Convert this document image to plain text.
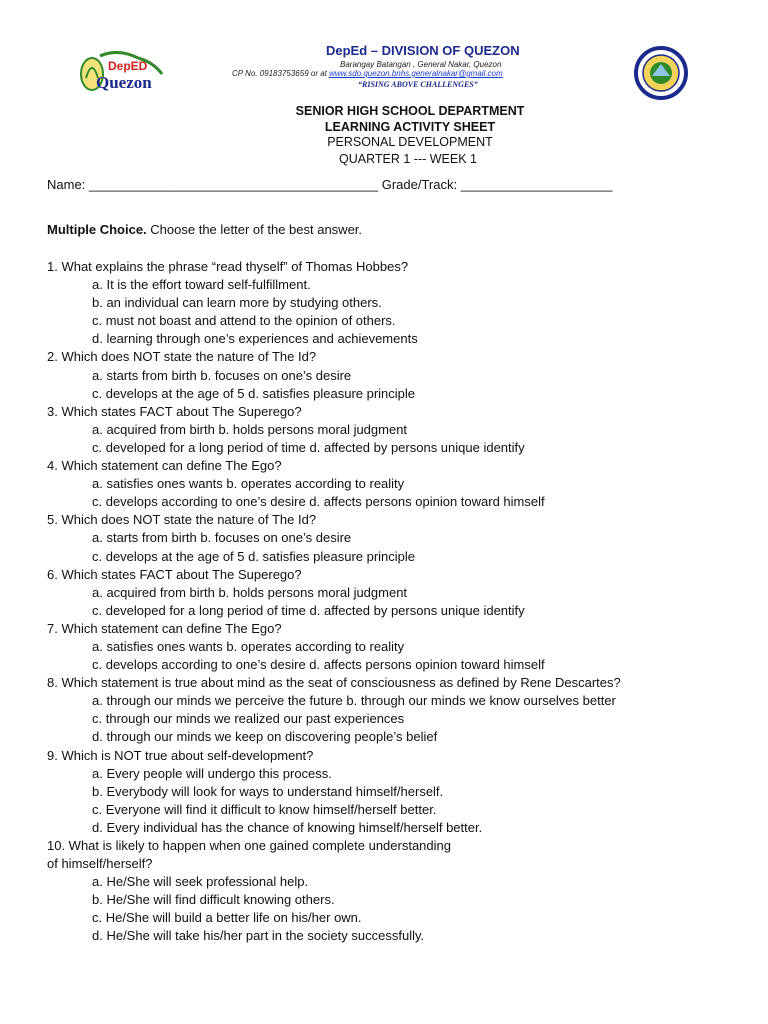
DepED
Quezon
DepEd – DIVISION OF QUEZON
Barangay Batangan , General Nakar, Quezon
CP No. 09183753659 or at www.sdo.quezon.bnhs.generalnakar@gmail.com
“RISING ABOVE CHALLENGES”
SENIOR HIGH SCHOOL DEPARTMENT
LEARNING ACTIVITY SHEET
PERSONAL DEVELOPMENT
QUARTER 1 --- WEEK 1
Name: ________________________________________ Grade/Track: _____________________
Multiple Choice. Choose the letter of the best answer.
1. What explains the phrase “read thyself” of Thomas Hobbes?
a. It is the effort toward self-fulfillment.
b. an individual can learn more by studying others.
c. must not boast and attend to the opinion of others.
d. learning through one’s experiences and achievements
2. Which does NOT state the nature of The Id?
a. starts from birth b. focuses on one’s desire
c. develops at the age of 5 d. satisfies pleasure principle
3. Which states FACT about The Superego?
a. acquired from birth b. holds persons moral judgment
c. developed for a long period of time d. affected by persons unique identify
4. Which statement can define The Ego?
a. satisfies ones wants b. operates according to reality
c. develops according to one’s desire d. affects persons opinion toward himself
5. Which does NOT state the nature of The Id?
a. starts from birth b. focuses on one’s desire
c. develops at the age of 5 d. satisfies pleasure principle
6. Which states FACT about The Superego?
a. acquired from birth b. holds persons moral judgment
c. developed for a long period of time d. affected by persons unique identify
7. Which statement can define The Ego?
a. satisfies ones wants b. operates according to reality
c. develops according to one’s desire d. affects persons opinion toward himself
8. Which statement is true about mind as the seat of consciousness as defined by Rene Descartes?
a. through our minds we perceive the future b. through our minds we know ourselves better
c. through our minds we realized our past experiences
d. through our minds we keep on discovering people’s belief
9. Which is NOT true about self-development?
a. Every people will undergo this process.
b. Everybody will look for ways to understand himself/herself.
c. Everyone will find it difficult to know himself/herself better.
d. Every individual has the chance of knowing himself/herself better.
10. What is likely to happen when one gained complete understanding
of himself/herself?
a. He/She will seek professional help.
b. He/She will find difficult knowing others.
c. He/She will build a better life on his/her own.
d. He/She will take his/her part in the society successfully.
